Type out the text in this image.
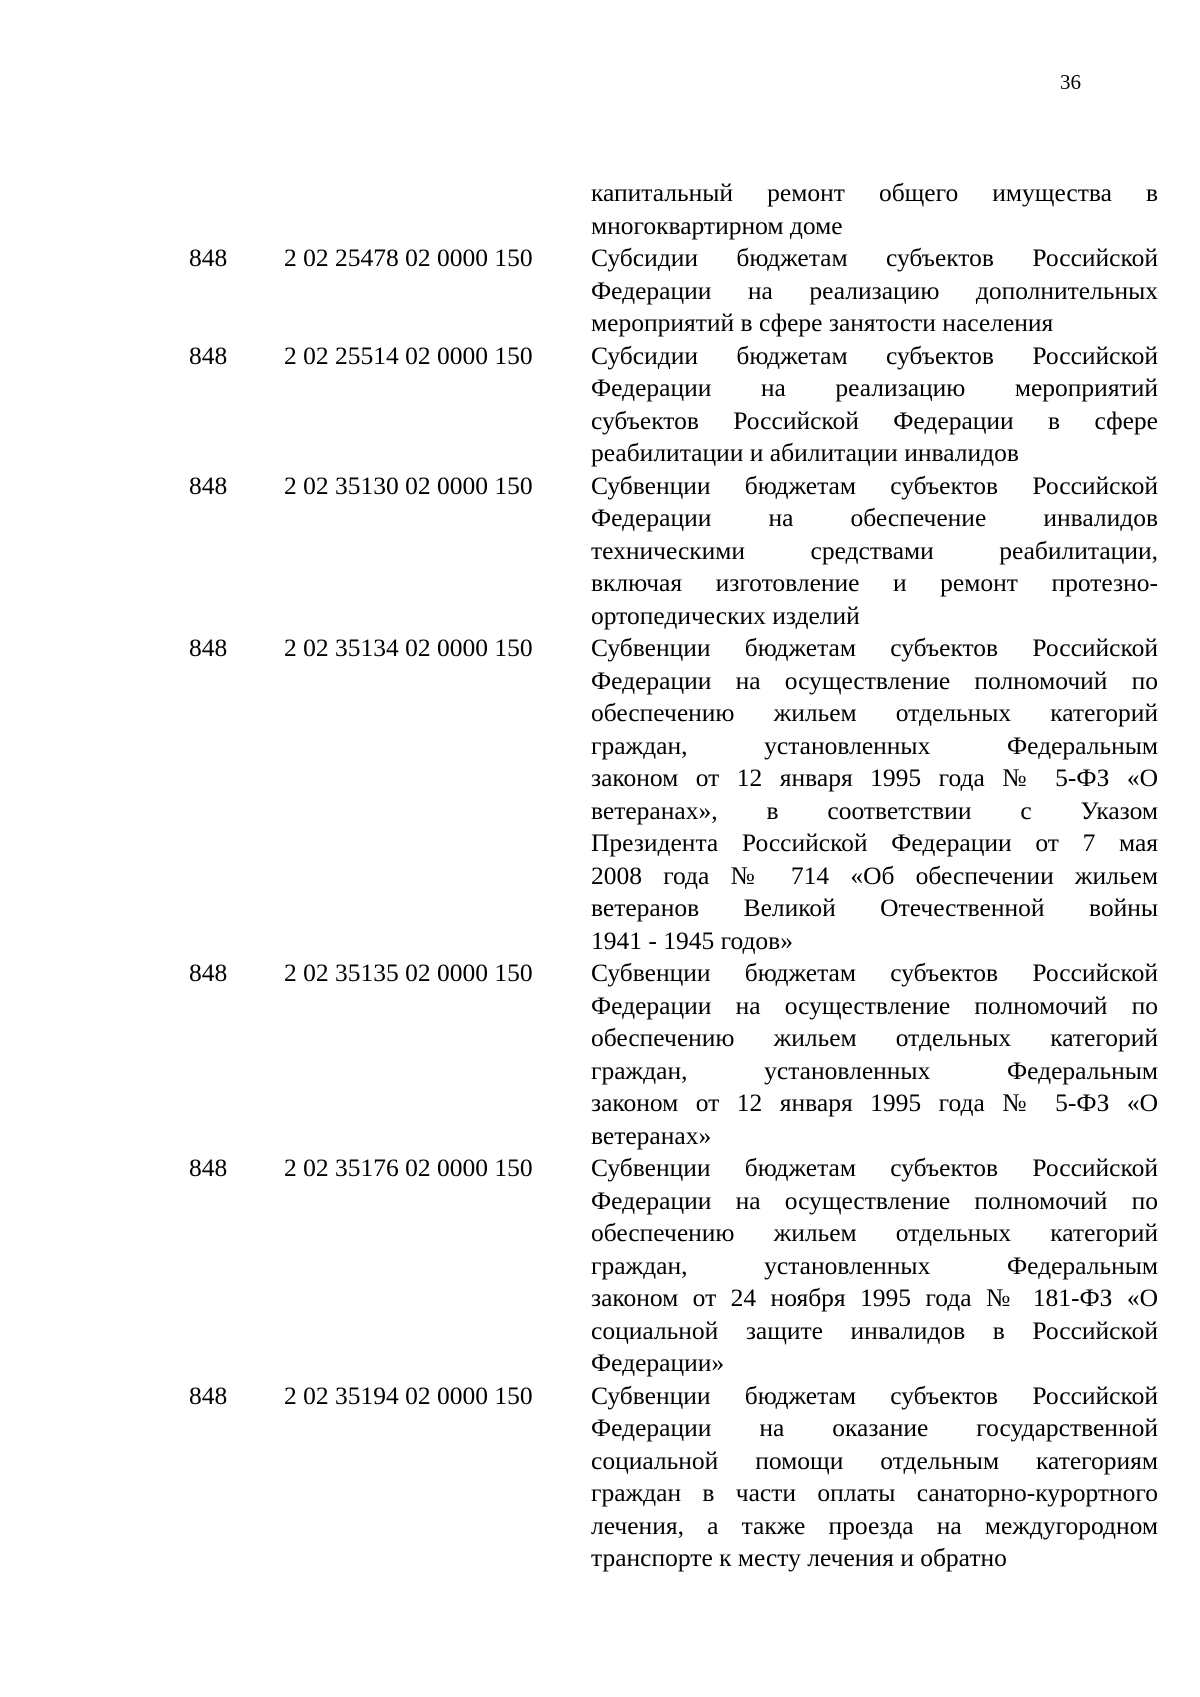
36
капитальный ремонт общего имущества в
многоквартирном доме
848 2 02 25478 02 0000 150 Субсидии бюджетам субъектов Российской
Федерации на реализацию дополнительных
мероприятий в сфере занятости населения
848 2 02 25514 02 0000 150 Субсидии бюджетам субъектов Российской
Федерации на реализацию мероприятий
субъектов Российской Федерации в сфере
реабилитации и абилитации инвалидов
848 2 02 35130 02 0000 150 Субвенции бюджетам субъектов Российской
Федерации на обеспечение инвалидов
техническими средствами реабилитации,
включая изготовление и ремонт протезно-
ортопедических изделий
848 2 02 35134 02 0000 150 Субвенции бюджетам субъектов Российской
Федерации на осуществление полномочий по
обеспечению жильем отдельных категорий
граждан, установленных Федеральным
законом от 12 января 1995 года № 5-ФЗ «О
ветеранах», в соответствии с Указом
Президента Российской Федерации от 7 мая
2008 года № 714 «Об обеспечении жильем
ветеранов Великой Отечественной войны
1941 - 1945 годов»
848 2 02 35135 02 0000 150 Субвенции бюджетам субъектов Российской
Федерации на осуществление полномочий по
обеспечению жильем отдельных категорий
граждан, установленных Федеральным
законом от 12 января 1995 года № 5-ФЗ «О
ветеранах»
848 2 02 35176 02 0000 150 Субвенции бюджетам субъектов Российской
Федерации на осуществление полномочий по
обеспечению жильем отдельных категорий
граждан, установленных Федеральным
законом от 24 ноября 1995 года № 181-ФЗ «О
социальной защите инвалидов в Российской
Федерации»
848 2 02 35194 02 0000 150 Субвенции бюджетам субъектов Российской
Федерации на оказание государственной
социальной помощи отдельным категориям
граждан в части оплаты санаторно-курортного
лечения, а также проезда на междугородном
транспорте к месту лечения и обратно
